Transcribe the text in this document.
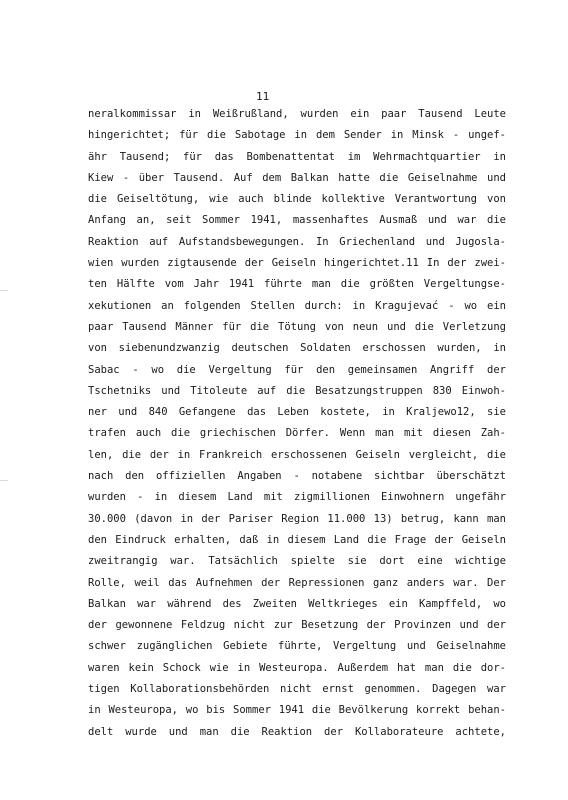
11
neralkommissar in Weißrußland, wurden ein paar Tausend Leute
hingerichtet; für die Sabotage in dem Sender in Minsk - ungef-
ähr Tausend; für das Bombenattentat im Wehrmachtquartier in
Kiew - über Tausend. Auf dem Balkan hatte die Geiselnahme und
die Geiseltötung, wie auch blinde kollektive Verantwortung von
Anfang an, seit Sommer 1941, massenhaftes Ausmaß und war die
Reaktion auf Aufstandsbewegungen. In Griechenland und Jugosla-
wien wurden zigtausende der Geiseln hingerichtet.11 In der zwei-
ten Hälfte vom Jahr 1941 führte man die größten Vergeltungse-
xekutionen an folgenden Stellen durch: in Kragujevać - wo ein
paar Tausend Männer für die Tötung von neun und die Verletzung
von siebenundzwanzig deutschen Soldaten erschossen wurden, in
Sabac - wo die Vergeltung für den gemeinsamen Angriff der
Tschetniks und Titoleute auf die Besatzungstruppen 830 Einwoh-
ner und 840 Gefangene das Leben kostete, in Kraljewo12, sie
trafen auch die griechischen Dörfer. Wenn man mit diesen Zah-
len, die der in Frankreich erschossenen Geiseln vergleicht, die
nach den offiziellen Angaben - notabene sichtbar überschätzt
wurden - in diesem Land mit zigmillionen Einwohnern ungefähr
30.000 (davon in der Pariser Region 11.000 13) betrug, kann man
den Eindruck erhalten, daß in diesem Land die Frage der Geiseln
zweitrangig war. Tatsächlich spielte sie dort eine wichtige
Rolle, weil das Aufnehmen der Repressionen ganz anders war. Der
Balkan war während des Zweiten Weltkrieges ein Kampffeld, wo
der gewonnene Feldzug nicht zur Besetzung der Provinzen und der
schwer zugänglichen Gebiete führte, Vergeltung und Geiselnahme
waren kein Schock wie in Westeuropa. Außerdem hat man die dor-
tigen Kollaborationsbehörden nicht ernst genommen. Dagegen war
in Westeuropa, wo bis Sommer 1941 die Bevölkerung korrekt behan-
delt wurde und man die Reaktion der Kollaborateure achtete,
